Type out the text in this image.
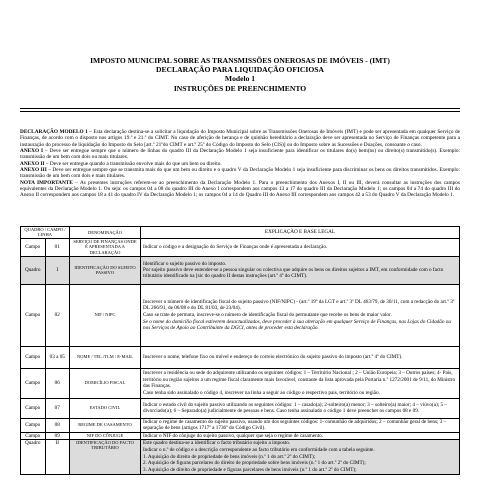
IMPOSTO MUNICIPAL SOBRE AS TRANSMISSÕES ONEROSAS DE IMÓVEIS - (IMT)
DECLARAÇÃO PARA LIQUIDAÇÃO OFICIOSA
Modelo 1
INSTRUÇÕES DE PREENCHIMENTO

DECLARAÇÃO MODELO 1 – Esta declaração destina-se a solicitar a liquidação do Imposto Municipal sobre as Transmissões Onerosas de Imóveis (IMT) e pode ser apresentada em qualquer Serviço de Finanças, de acordo com o disposto nos artigos 19.º e 21.º do CIMT. No caso de aferição de herança e de quinhão hereditário a declaração deve ser apresentada no Serviço de Finanças competente para a instauração do processo de liquidação do Imposto do Selo [art.º 21ºdo CIMT e art.º 25º do Código do Imposto do Selo (CIS)] ou do Imposto sobre as Sucessões e Doações, consoante o caso.

ANEXO I – Deve ser entregue sempre que o número de linhas do quadro III da Declaração Modelo 1 seja insuficiente para identificar os titulares do(s) bem(ns) ou direito(s) transmitido(s). Exemplo: transmissão de um bem com dois ou mais titulares.

ANEXO II – Deve ser entregue quando a transmissão envolve mais do que um bem ou direito.

ANEXO III – Deve ser entregue sempre que se transmita mais do que um bem ou direito e o quadro V da Declaração Modelo 1 seja insuficiente para discriminar os bens ou direitos transmitidos. Exemplo: transmissão de um bem com dois e mais titulares.

NOTA IMPORTANTE – As presentes instruções referem-se ao preenchimento da Declaração Modelo 1. Para o preenchimento dos Anexos I, II ou III, deverá consultar as instruções dos campos equivalentes da Declaração Modelo 1. Ou seja: os campos 04 a 08 do quadro III do Anexo I correspondem aos campos 13 a 17 do quadro III da Declaração Modelo 1; os campos 04 a 74 do quadro III do Anexo II correspondem aos campos 18 a 41 do quadro IV da Declaração Modelo 1; os campos 04 a 14 do Quadro III do Anexo III correspondem aos campos 42 a 53 do Quadro V da Declaração Modelo 1.

QUADRO / CAMPO / LINHA		DENOMINAÇÃO	EXPLICAÇÃO E BASE LEGAL
Campo	01	SERVIÇO DE FINANÇAS ONDE É APRESENTADA A DECLARAÇÃO	Indicar o código e a designação do Serviço de Finanças onde é apresentada a declaração.
Quadro	I	IDENTIFICAÇÃO DO SUJEITO PASSIVO	Identificar o sujeito passivo do imposto.

Por sujeito passivo deve entender-se a pessoa singular ou colectiva que adquire os bens ou direitos sujeitos a IMT, em conformidade com o facto tributário identificado na [sic do quadro II destas instruções (art.º 4º do CIMT).

Campo	02	NIF / NIPC	Inscrever o número de identificação fiscal do sujeito passivo (NIF/NIPC) - (art.º 19º da LGT e art.º 3º DL 463/79, de 30/11, com a redacção do art.º 3º DL 266/91, de 06/08 e do DL 81/03, de 23/04).

Caso se trate de permuta, inscreve-se o número de identificação fiscal do permutante que recebe os bens de maior valor.

Se o nome do domicílio fiscal estiverem desactualizados, deve proceder à sua alteração em qualquer Serviço de Finanças, nas Lojas do Cidadão ou nos Serviços de Apoio ao Contribuinte da DGCI, antes de proceder esta declaração.

Campo	03 a 05	NOME / TEL./TLM / E-MAIL	Inscrever o nome, telefone fixo ou móvel e endereço de correio electrónico do sujeito passivo do imposto (art.º 4º do CIMT).
Campo	06	DOMICÍLIO FISCAL	Inscrever a residência ou sede do adquirente utilizando os seguintes códigos: 1 – Território Nacional ; 2 – União Europeia; 3 – Outros países; 4- País, território ou região sujeitos a um regime fiscal claramente mais favorável, constante da lista aprovada pela Portaria n.º 1272/2001 de 9/11, do Ministro das Finanças.

Caso tenha sido assinalado o código 4, inscrever na linha a seguir ao código o respectivo país, território ou região.

Campo	07	ESTADO CIVIL	Indicar o estado civil do sujeito passivo utilizando os seguintes códigos: 1 – casado(a); 2-solteiro(a) menor; 3 – solteiro(a) maior; 4 – viúvo(a); 5 – divorciado(a); 6 – Separado(a) judicialmente de pessoas e bens. Caso tenha assinalado o código 1 deve preencher os campos 08 e 09.
Campo	08	REGIME DE CASAMENTO	Indicar o regime de casamento do sujeito passivo, usando um dos seguintes códigos: 1- comunhão de adquiridos; 2 – comunhão geral de bens; 3 – separação de bens (artigos 1717º a 1736º do Código Civil).
Campo	09	NIF DO CÔNJUGE	Indicar o NIF do cônjuge do sujeito passivo, qualquer que seja o regime de casamento.
Quadro	II	IDENTIFICAÇÃO DO FACTO TRIBUTÁRIO	Este quadro destina-se a identificar o facto tributário sujeito a imposto.

Indicar o n.º de código e a descrição correspondente ao facto tributário em conformidade com a tabela seguinte.

1. Aquisição do direito de propriedade de bens imóveis (n.º 1 do art.º 2º do CIMT);

2. Aquisição de figuras parcelares do direito de propriedade sobre bens imóveis (n.º 1 do art.º 2º do CIMT);

3. Aquisição de direito de propriedade e figuras parcelares de bens imóveis (n.º 1 do art.º 2º do CIMT);
